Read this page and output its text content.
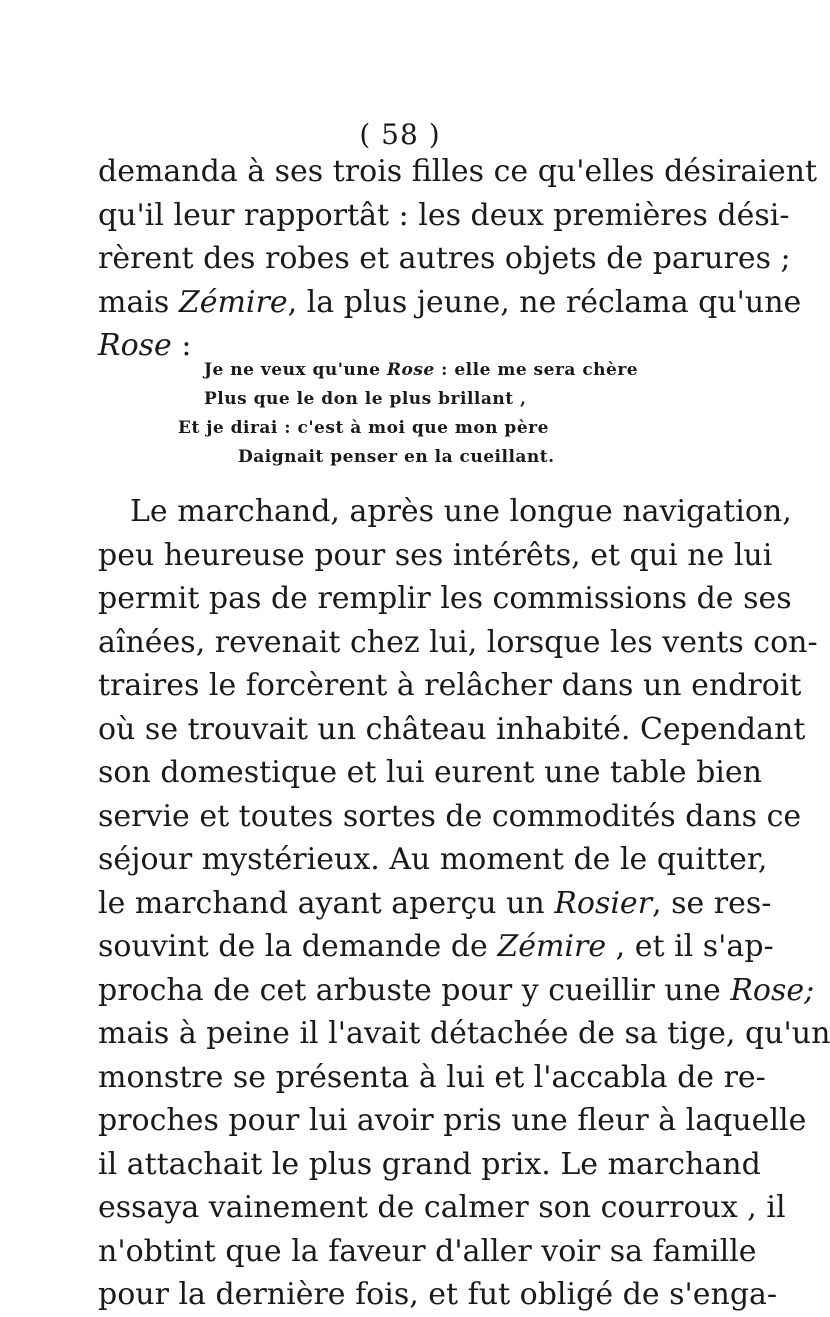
( 58 )
demanda à ses trois filles ce qu'elles désiraient
qu'il leur rapportât : les deux premières dési-
rèrent des robes et autres objets de parures ;
mais Zémire, la plus jeune, ne réclama qu'une
Rose :
Je ne veux qu'une Rose : elle me sera chère
Plus que le don le plus brillant ,
Et je dirai : c'est à moi que mon père
Daignait penser en la cueillant.
Le marchand, après une longue navigation,
peu heureuse pour ses intérêts, et qui ne lui
permit pas de remplir les commissions de ses
aînées, revenait chez lui, lorsque les vents con-
traires le forcèrent à relâcher dans un endroit
où se trouvait un château inhabité. Cependant
son domestique et lui eurent une table bien
servie et toutes sortes de commodités dans ce
séjour mystérieux. Au moment de le quitter,
le marchand ayant aperçu un Rosier, se res-
souvint de la demande de Zémire , et il s'ap-
procha de cet arbuste pour y cueillir une Rose;
mais à peine il l'avait détachée de sa tige, qu'un
monstre se présenta à lui et l'accabla de re-
proches pour lui avoir pris une fleur à laquelle
il attachait le plus grand prix. Le marchand
essaya vainement de calmer son courroux , il
n'obtint que la faveur d'aller voir sa famille
pour la dernière fois, et fut obligé de s'enga-
